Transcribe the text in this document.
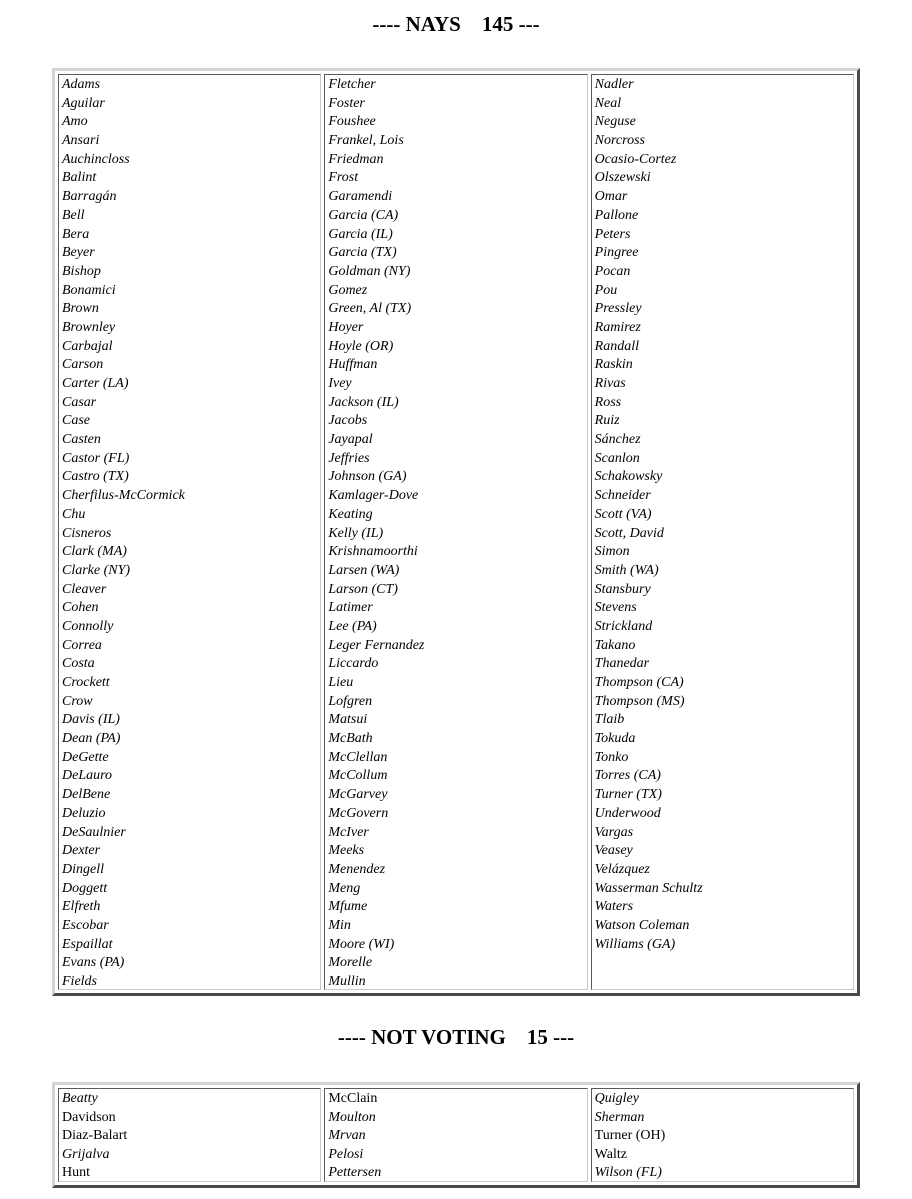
---- NAYS    145 ---
Adams
Aguilar
Amo
Ansari
Auchincloss
Balint
Barragán
Bell
Bera
Beyer
Bishop
Bonamici
Brown
Brownley
Carbajal
Carson
Carter (LA)
Casar
Case
Casten
Castor (FL)
Castro (TX)
Cherfilus-McCormick
Chu
Cisneros
Clark (MA)
Clarke (NY)
Cleaver
Cohen
Connolly
Correa
Costa
Crockett
Crow
Davis (IL)
Dean (PA)
DeGette
DeLauro
DelBene
Deluzio
DeSaulnier
Dexter
Dingell
Doggett
Elfreth
Escobar
Espaillat
Evans (PA)
Fields
Fletcher
Foster
Foushee
Frankel, Lois
Friedman
Frost
Garamendi
Garcia (CA)
Garcia (IL)
Garcia (TX)
Goldman (NY)
Gomez
Green, Al (TX)
Hoyer
Hoyle (OR)
Huffman
Ivey
Jackson (IL)
Jacobs
Jayapal
Jeffries
Johnson (GA)
Kamlager-Dove
Keating
Kelly (IL)
Krishnamoorthi
Larsen (WA)
Larson (CT)
Latimer
Lee (PA)
Leger Fernandez
Liccardo
Lieu
Lofgren
Matsui
McBath
McClellan
McCollum
McGarvey
McGovern
McIver
Meeks
Menendez
Meng
Mfume
Min
Moore (WI)
Morelle
Mullin
Nadler
Neal
Neguse
Norcross
Ocasio-Cortez
Olszewski
Omar
Pallone
Peters
Pingree
Pocan
Pou
Pressley
Ramirez
Randall
Raskin
Rivas
Ross
Ruiz
Sánchez
Scanlon
Schakowsky
Schneider
Scott (VA)
Scott, David
Simon
Smith (WA)
Stansbury
Stevens
Strickland
Takano
Thanedar
Thompson (CA)
Thompson (MS)
Tlaib
Tokuda
Tonko
Torres (CA)
Turner (TX)
Underwood
Vargas
Veasey
Velázquez
Wasserman Schultz
Waters
Watson Coleman
Williams (GA)
---- NOT VOTING    15 ---
Beatty
Davidson
Diaz-Balart
Grijalva
Hunt
McClain
Moulton
Mrvan
Pelosi
Pettersen
Quigley
Sherman
Turner (OH)
Waltz
Wilson (FL)
